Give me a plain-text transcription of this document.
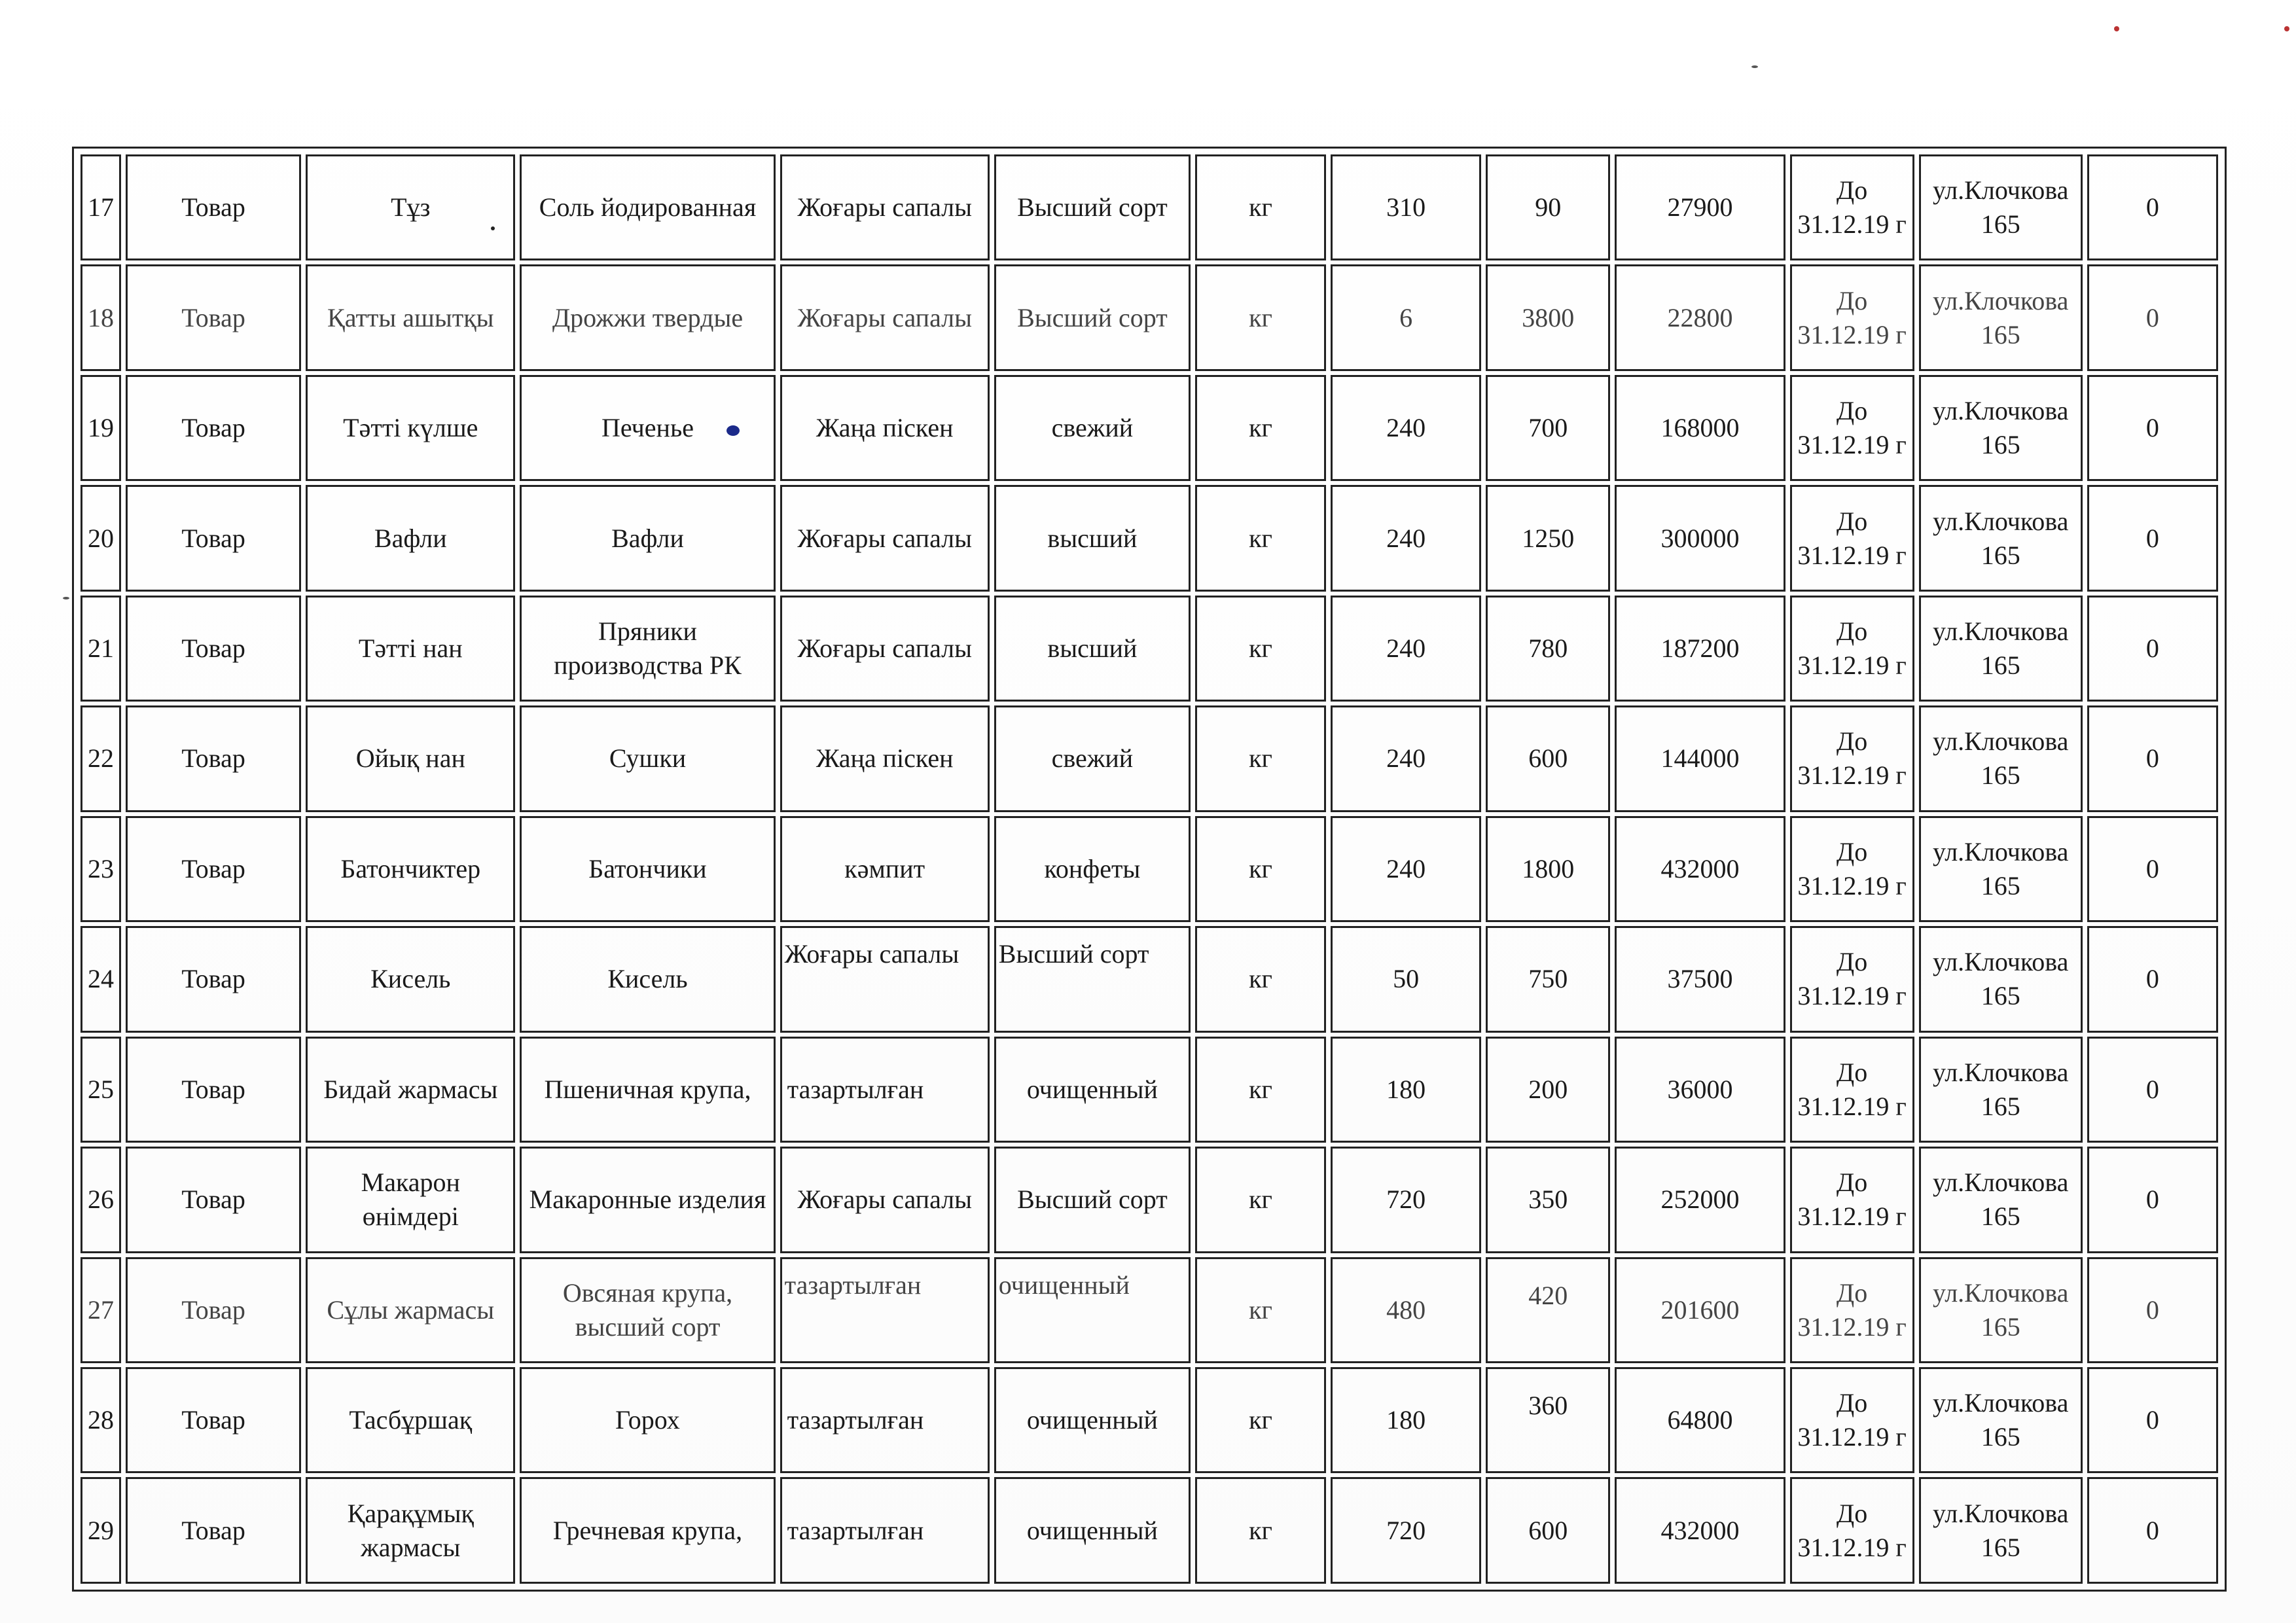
17	Товар	Тұз	Соль йодированная	Жоғары сапалы	Высший сорт	кг	310	90	27900	До 31.12.19 г	ул.Клочкова 165	0
18	Товар	Қатты ашытқы	Дрожжи твердые	Жоғары сапалы	Высший сорт	кг	6	3800	22800	До 31.12.19 г	ул.Клочкова 165	0
19	Товар	Тәтті күлше	Печенье	Жаңа піскен	свежий	кг	240	700	168000	До 31.12.19 г	ул.Клочкова 165	0
20	Товар	Вафли	Вафли	Жоғары сапалы	высший	кг	240	1250	300000	До 31.12.19 г	ул.Клочкова 165	0
21	Товар	Тәтті нан	Пряники производства РК	Жоғары сапалы	высший	кг	240	780	187200	До 31.12.19 г	ул.Клочкова 165	0
22	Товар	Ойық нан	Сушки	Жаңа піскен	свежий	кг	240	600	144000	До 31.12.19 г	ул.Клочкова 165	0
23	Товар	Батончиктер	Батончики	кәмпит	конфеты	кг	240	1800	432000	До 31.12.19 г	ул.Клочкова 165	0
24	Товар	Кисель	Кисель	Жоғары сапалы	Высший сорт	кг	50	750	37500	До 31.12.19 г	ул.Клочкова 165	0
25	Товар	Бидай жармасы	Пшеничная крупа,	тазартылған	очищенный	кг	180	200	36000	До 31.12.19 г	ул.Клочкова 165	0
26	Товар	Макарон өнімдері	Макаронные изделия	Жоғары сапалы	Высший сорт	кг	720	350	252000	До 31.12.19 г	ул.Клочкова 165	0
27	Товар	Сұлы жармасы	Овсяная крупа, высший сорт	тазартылған	очищенный	кг	480	420	201600	До 31.12.19 г	ул.Клочкова 165	0
28	Товар	Тасбұршақ	Горох	тазартылған	очищенный	кг	180	360	64800	До 31.12.19 г	ул.Клочкова 165	0
29	Товар	Қарақұмық жармасы	Гречневая крупа,	тазартылған	очищенный	кг	720	600	432000	До 31.12.19 г	ул.Клочкова 165	0
